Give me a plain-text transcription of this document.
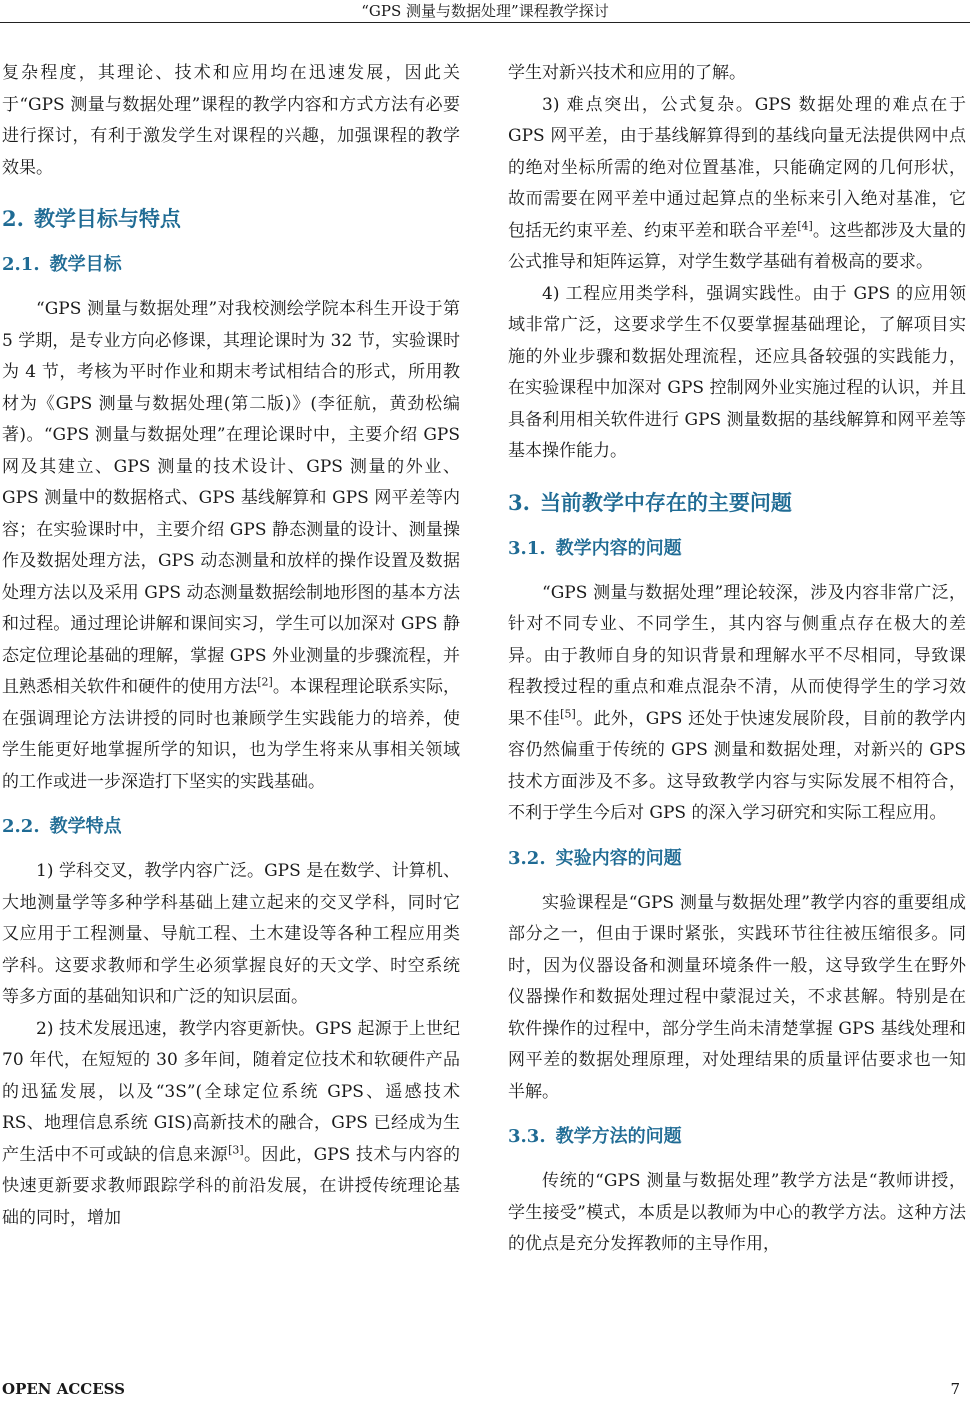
“GPS 测量与数据处理”课程教学探讨

复杂程度，其理论、技术和应用均在迅速发展，因此关于“GPS 测量与数据处理”课程的教学内容和方式方法有必要进行探讨，有利于激发学生对课程的兴趣，加强课程的教学效果。

2. 教学目标与特点
2.1. 教学目标

“GPS 测量与数据处理”对我校测绘学院本科生开设于第 5 学期，是专业方向必修课，其理论课时为 32 节，实验课时为 4 节，考核为平时作业和期末考试相结合的形式，所用教材为《GPS 测量与数据处理(第二版)》(李征航，黄劲松编著)。“GPS 测量与数据处理”在理论课时中，主要介绍 GPS 网及其建立、GPS 测量的技术设计、GPS 测量的外业、GPS 测量中的数据格式、GPS 基线解算和 GPS 网平差等内容；在实验课时中，主要介绍 GPS 静态测量的设计、测量操作及数据处理方法，GPS 动态测量和放样的操作设置及数据处理方法以及采用 GPS 动态测量数据绘制地形图的基本方法和过程。通过理论讲解和课间实习，学生可以加深对 GPS 静态定位理论基础的理解，掌握 GPS 外业测量的步骤流程，并且熟悉相关软件和硬件的使用方法[2]。本课程理论联系实际，在强调理论方法讲授的同时也兼顾学生实践能力的培养，使学生能更好地掌握所学的知识，也为学生将来从事相关领域的工作或进一步深造打下坚实的实践基础。

2.2. 教学特点

1) 学科交叉，教学内容广泛。GPS 是在数学、计算机、大地测量学等多种学科基础上建立起来的交叉学科，同时它又应用于工程测量、导航工程、土木建设等各种工程应用类学科。这要求教师和学生必须掌握良好的天文学、时空系统等多方面的基础知识和广泛的知识层面。

2) 技术发展迅速，教学内容更新快。GPS 起源于上世纪 70 年代，在短短的 30 多年间，随着定位技术和软硬件产品的迅猛发展，以及“3S”(全球定位系统 GPS、遥感技术 RS、地理信息系统 GIS)高新技术的融合，GPS 已经成为生产生活中不可或缺的信息来源[3]。因此，GPS 技术与内容的快速更新要求教师跟踪学科的前沿发展，在讲授传统理论基础的同时，增加

学生对新兴技术和应用的了解。

3) 难点突出，公式复杂。GPS 数据处理的难点在于 GPS 网平差，由于基线解算得到的基线向量无法提供网中点的绝对坐标所需的绝对位置基准，只能确定网的几何形状，故而需要在网平差中通过起算点的坐标来引入绝对基准，它包括无约束平差、约束平差和联合平差[4]。这些都涉及大量的公式推导和矩阵运算，对学生数学基础有着极高的要求。

4) 工程应用类学科，强调实践性。由于 GPS 的应用领域非常广泛，这要求学生不仅要掌握基础理论，了解项目实施的外业步骤和数据处理流程，还应具备较强的实践能力，在实验课程中加深对 GPS 控制网外业实施过程的认识，并且具备利用相关软件进行 GPS 测量数据的基线解算和网平差等基本操作能力。

3. 当前教学中存在的主要问题
3.1. 教学内容的问题

“GPS 测量与数据处理”理论较深，涉及内容非常广泛，针对不同专业、不同学生，其内容与侧重点存在极大的差异。由于教师自身的知识背景和理解水平不尽相同，导致课程教授过程的重点和难点混杂不清，从而使得学生的学习效果不佳[5]。此外，GPS 还处于快速发展阶段，目前的教学内容仍然偏重于传统的 GPS 测量和数据处理，对新兴的 GPS 技术方面涉及不多。这导致教学内容与实际发展不相符合，不利于学生今后对 GPS 的深入学习研究和实际工程应用。

3.2. 实验内容的问题

实验课程是“GPS 测量与数据处理”教学内容的重要组成部分之一，但由于课时紧张，实践环节往往被压缩很多。同时，因为仪器设备和测量环境条件一般，这导致学生在野外仪器操作和数据处理过程中蒙混过关，不求甚解。特别是在软件操作的过程中，部分学生尚未清楚掌握 GPS 基线处理和网平差的数据处理原理，对处理结果的质量评估要求也一知半解。

3.3. 教学方法的问题

传统的“GPS 测量与数据处理”教学方法是“教师讲授，学生接受”模式，本质是以教师为中心的教学方法。这种方法的优点是充分发挥教师的主导作用，

OPEN ACCESS	7
